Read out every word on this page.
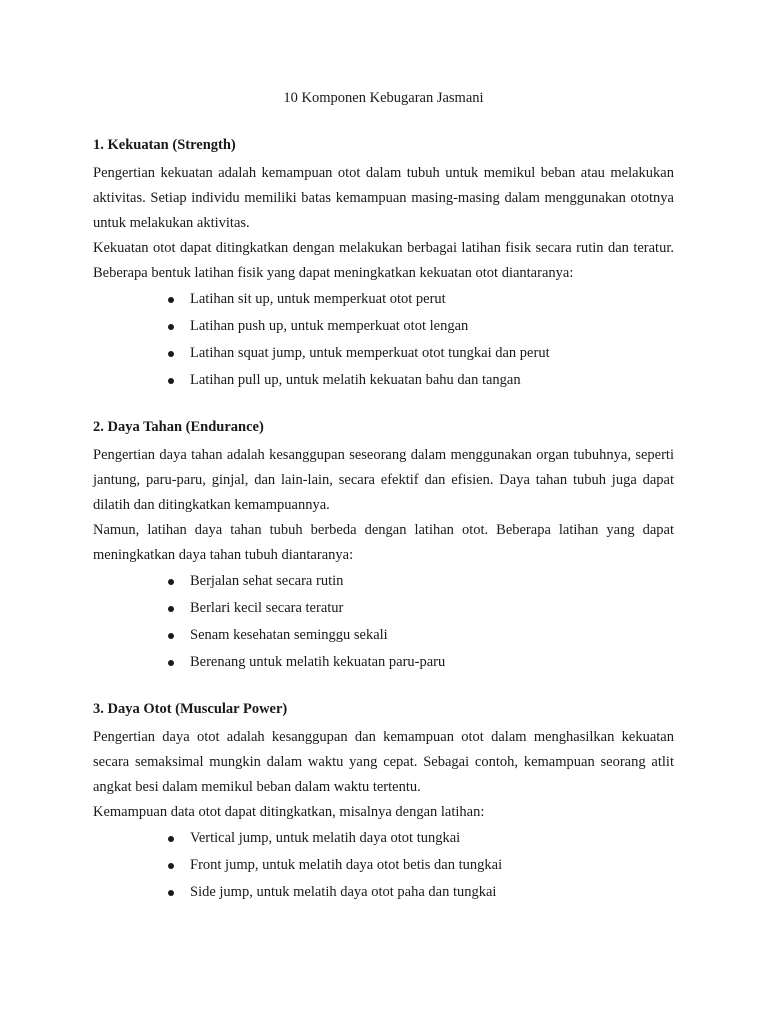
10 Komponen Kebugaran Jasmani
1. Kekuatan (Strength)

Pengertian kekuatan adalah kemampuan otot dalam tubuh untuk memikul beban atau melakukan aktivitas. Setiap individu memiliki batas kemampuan masing-masing dalam menggunakan ototnya untuk melakukan aktivitas.

Kekuatan otot dapat ditingkatkan dengan melakukan berbagai latihan fisik secara rutin dan teratur. Beberapa bentuk latihan fisik yang dapat meningkatkan kekuatan otot diantaranya:

Latihan sit up, untuk memperkuat otot perut
Latihan push up, untuk memperkuat otot lengan
Latihan squat jump, untuk memperkuat otot tungkai dan perut
Latihan pull up, untuk melatih kekuatan bahu dan tangan
2. Daya Tahan (Endurance)

Pengertian daya tahan adalah kesanggupan seseorang dalam menggunakan organ tubuhnya, seperti jantung, paru-paru, ginjal, dan lain-lain, secara efektif dan efisien. Daya tahan tubuh juga dapat dilatih dan ditingkatkan kemampuannya.

Namun, latihan daya tahan tubuh berbeda dengan latihan otot. Beberapa latihan yang dapat meningkatkan daya tahan tubuh diantaranya:

Berjalan sehat secara rutin
Berlari kecil secara teratur
Senam kesehatan seminggu sekali
Berenang untuk melatih kekuatan paru-paru
3. Daya Otot (Muscular Power)

Pengertian daya otot adalah kesanggupan dan kemampuan otot dalam menghasilkan kekuatan secara semaksimal mungkin dalam waktu yang cepat. Sebagai contoh, kemampuan seorang atlit angkat besi dalam memikul beban dalam waktu tertentu.

Kemampuan data otot dapat ditingkatkan, misalnya dengan latihan:

Vertical jump, untuk melatih daya otot tungkai
Front jump, untuk melatih daya otot betis dan tungkai
Side jump, untuk melatih daya otot paha dan tungkai
